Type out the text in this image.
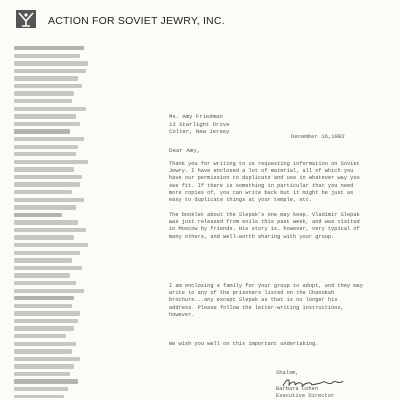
ACTION FOR SOVIET JEWRY, INC.
Ms. Amy Friedman
13 Starlight Drive
Colter, New Jersey
December 16,1982
Dear Amy,
Thank you for writing to us requesting information on Soviet Jewry. I have enclosed a lot of material, all of which you have our permission to duplicate and use in whatever way you see fit. If there is something in particular that you need more copies of, you can write back but it might be just as easy to duplicate things at your temple, etc.
The booklet about the Slepak's one may keep. Vladimir Slepak was just released from exile this past week, and was visited in Moscow by friends. His story is, however, very typical of many others, and well-worth sharing with your group.
I am enclosing a family for your group to adopt, and they may write to any of the prisoners listed on the Chanukah brochure...any except Slepak as that is no longer his address. Please follow the letter-writing instructions, however.
We wish you well on this important undertaking.
Shalom,
Barbara Cohen
Executive Director
